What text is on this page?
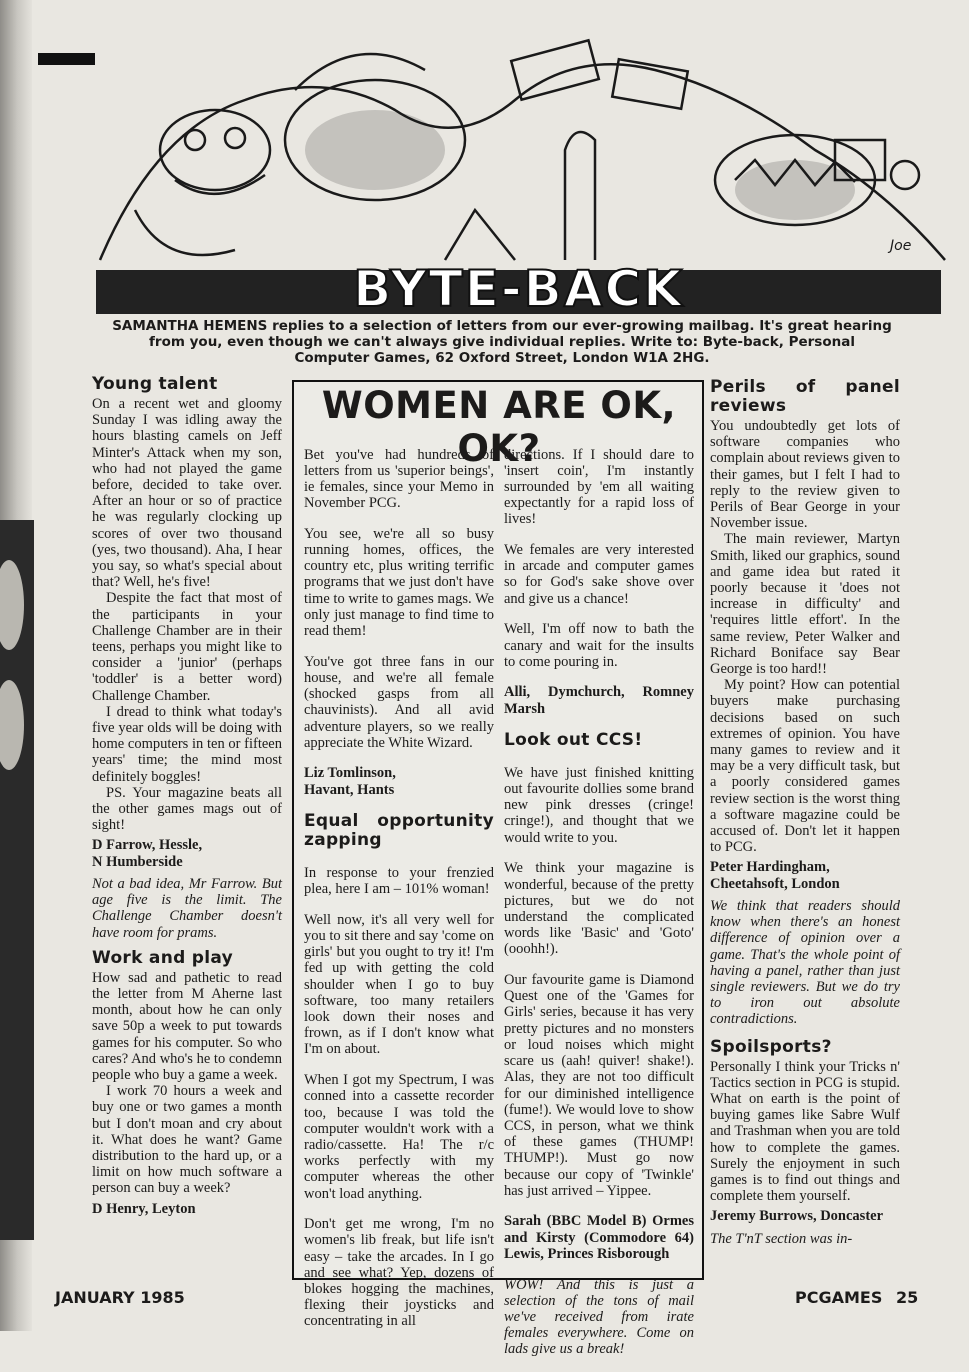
Joe
BYTE-BACK
SAMANTHA HEMENS replies to a selection of letters from our ever-growing mailbag. It's great hearing from you, even though we can't always give individual replies. Write to: Byte-back, Personal Computer Games, 62 Oxford Street, London W1A 2HG.
Young talent

On a recent wet and gloomy Sunday I was idling away the hours blasting camels on Jeff Minter's Attack when my son, who had not played the game before, decided to take over. After an hour or so of practice he was regularly clocking up scores of over two thousand (yes, two thousand). Aha, I hear you say, so what's special about that? Well, he's five!

Despite the fact that most of the participants in your Challenge Chamber are in their teens, perhaps you might like to consider a 'junior' (perhaps 'toddler' is a better word) Challenge Chamber.

I dread to think what today's five year olds will be doing with home computers in ten or fifteen years' time; the mind most definitely boggles!

PS. Your magazine beats all the other games mags out of sight!

D Farrow, Hessle,
N Humberside

Not a bad idea, Mr Farrow. But age five is the limit. The Challenge Chamber doesn't have room for prams.

Work and play

How sad and pathetic to read the letter from M Aherne last month, about how he can only save 50p a week to put towards games for his computer. So who cares? And who's he to condemn people who buy a game a week.

I work 70 hours a week and buy one or two games a month but I don't moan and cry about it. What does he want? Game distribution to the hard up, or a limit on how much software a person can buy a week?

D Henry, Leyton

WOMEN ARE OK, OK?

Bet you've had hundreds of letters from us 'superior beings', ie females, since your Memo in November PCG.

You see, we're all so busy running homes, offices, the country etc, plus writing terrific programs that we just don't have time to write to games mags. We only just manage to find time to read them!

You've got three fans in our house, and we're all female (shocked gasps from all chauvinists). And all avid adventure players, so we really appreciate the White Wizard.

Liz Tomlinson,
Havant, Hants

Equal opportunity zapping

In response to your frenzied plea, here I am – 101% woman!

Well now, it's all very well for you to sit there and say 'come on girls' but you ought to try it! I'm fed up with getting the cold shoulder when I go to buy software, too many retailers look down their noses and frown, as if I don't know what I'm on about.

When I got my Spectrum, I was conned into a cassette recorder too, because I was told the computer wouldn't work with a radio/cassette. Ha! The r/c works perfectly with my computer whereas the other won't load anything.

Don't get me wrong, I'm no women's lib freak, but life isn't easy – take the arcades. In I go and see what? Yep, dozens of blokes hogging the machines, flexing their joysticks and concentrating in all

directions. If I should dare to 'insert coin', I'm instantly surrounded by 'em all waiting expectantly for a rapid loss of lives!

We females are very interested in arcade and computer games so for God's sake shove over and give us a chance!

Well, I'm off now to bath the canary and wait for the insults to come pouring in.

Alli, Dymchurch, Romney Marsh

Look out CCS!

We have just finished knitting out favourite dollies some brand new pink dresses (cringe! cringe!), and thought that we would write to you.

We think your magazine is wonderful, because of the pretty pictures, but we do not understand the complicated words like 'Basic' and 'Goto' (ooohh!).

Our favourite game is Diamond Quest one of the 'Games for Girls' series, because it has very pretty pictures and no monsters or loud noises which might scare us (aah! quiver! shake!). Alas, they are not too difficult for our diminished intelligence (fume!). We would love to show CCS, in person, what we think of these games (THUMP! THUMP!). Must go now because our copy of 'Twinkle' has just arrived – Yippee.

Sarah (BBC Model B) Ormes and Kirsty (Commodore 64) Lewis, Princes Risborough

WOW! And this is just a selection of the tons of mail we've received from irate females everywhere. Come on lads give us a break!

Perils of panel reviews

You undoubtedly get lots of software companies who complain about reviews given to their games, but I felt I had to reply to the review given to Perils of Bear George in your November issue.

The main reviewer, Martyn Smith, liked our graphics, sound and game idea but rated it poorly because it 'does not increase in difficulty' and 'requires little effort'. In the same review, Peter Walker and Richard Boniface say Bear George is too hard!!

My point? How can potential buyers make purchasing decisions based on such extremes of opinion. You have many games to review and it may be a very difficult task, but a poorly considered games review section is the worst thing a software magazine could be accused of. Don't let it happen to PCG.

Peter Hardingham,
Cheetahsoft, London

We think that readers should know when there's an honest difference of opinion over a game. That's the whole point of having a panel, rather than just single reviewers. But we do try to iron out absolute contradictions.

Spoilsports?

Personally I think your Tricks n' Tactics section in PCG is stupid. What on earth is the point of buying games like Sabre Wulf and Trashman when you are told how to complete the games. Surely the enjoyment in such games is to find out things and complete them yourself.

Jeremy Burrows, Doncaster

The T'nT section was in-

JANUARY 1985	PCGAMES 25
